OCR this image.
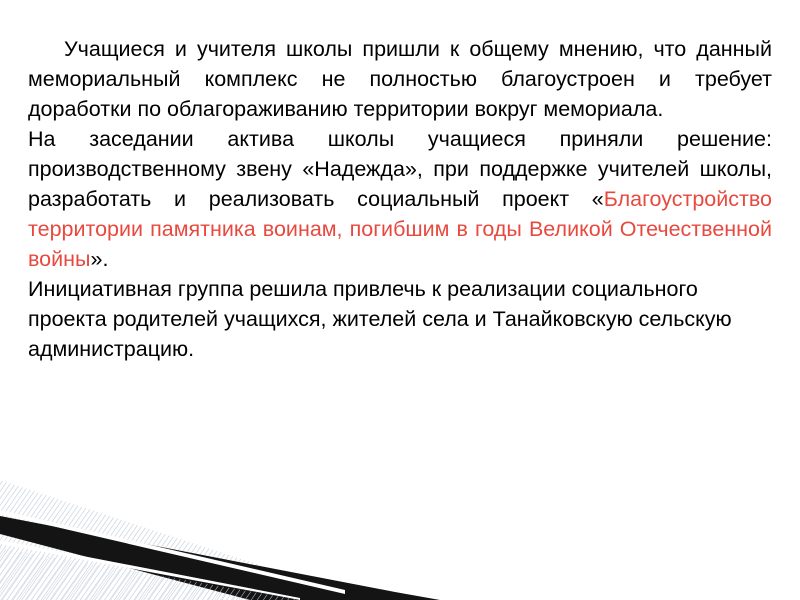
Учащиеся и учителя школы пришли к общему мнению, что данный мемориальный комплекс не полностью благоустроен и требует доработки по облагораживанию территории вокруг мемориала.

На заседании актива школы учащиеся приняли решение: производственному звену «Надежда», при поддержке учителей школы, разработать и реализовать социальный проект «Благоустройство территории памятника воинам, погибшим в годы Великой Отечественной войны».

Инициативная группа решила привлечь к реализации социального проекта родителей учащихся, жителей села и Танайковскую сельскую администрацию.
